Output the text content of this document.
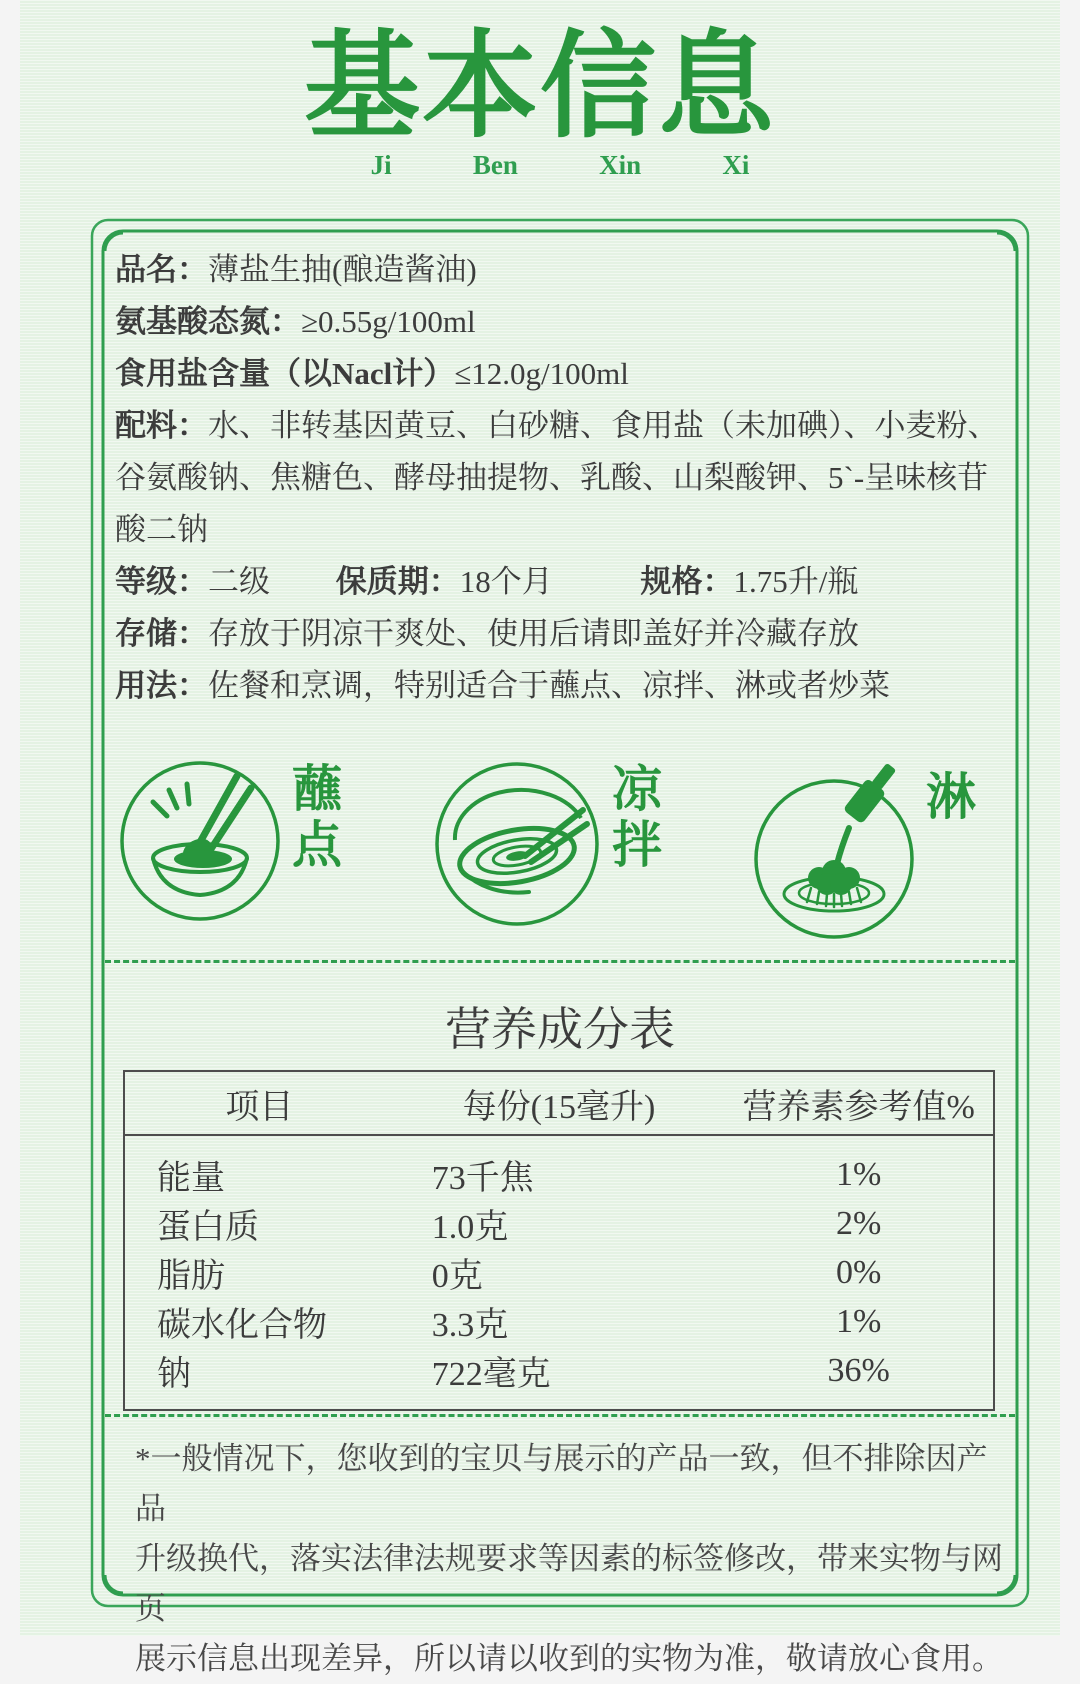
基本信息
Ji	Ben	Xin	Xi

品名：薄盐生抽(酿造酱油)

氨基酸态氮：≥0.55g/100ml

食用盐含量（以Nacl计）≤12.0g/100ml

配料：水、非转基因黄豆、白砂糖、食用盐（未加碘）、小麦粉、谷氨酸钠、焦糖色、酵母抽提物、乳酸、山梨酸钾、5`-呈味核苷酸二钠

等级：二级 保质期：18个月	规格：1.75升/瓶

存储：存放于阴凉干爽处、使用后请即盖好并冷藏存放

用法：佐餐和烹调，特别适合于蘸点、凉拌、淋或者炒菜

蘸点	凉拌	淋
营养成分表
项目	每份(15毫升)	营养素参考值%
能量	73千焦	1%
蛋白质	1.0克	2%
脂肪	0克	0%
碳水化合物	3.3克	1%
钠	722毫克	36%
*一般情况下，您收到的宝贝与展示的产品一致，但不排除因产品
升级换代，落实法律法规要求等因素的标签修改，带来实物与网页
展示信息出现差异，所以请以收到的实物为准，敬请放心食用。
